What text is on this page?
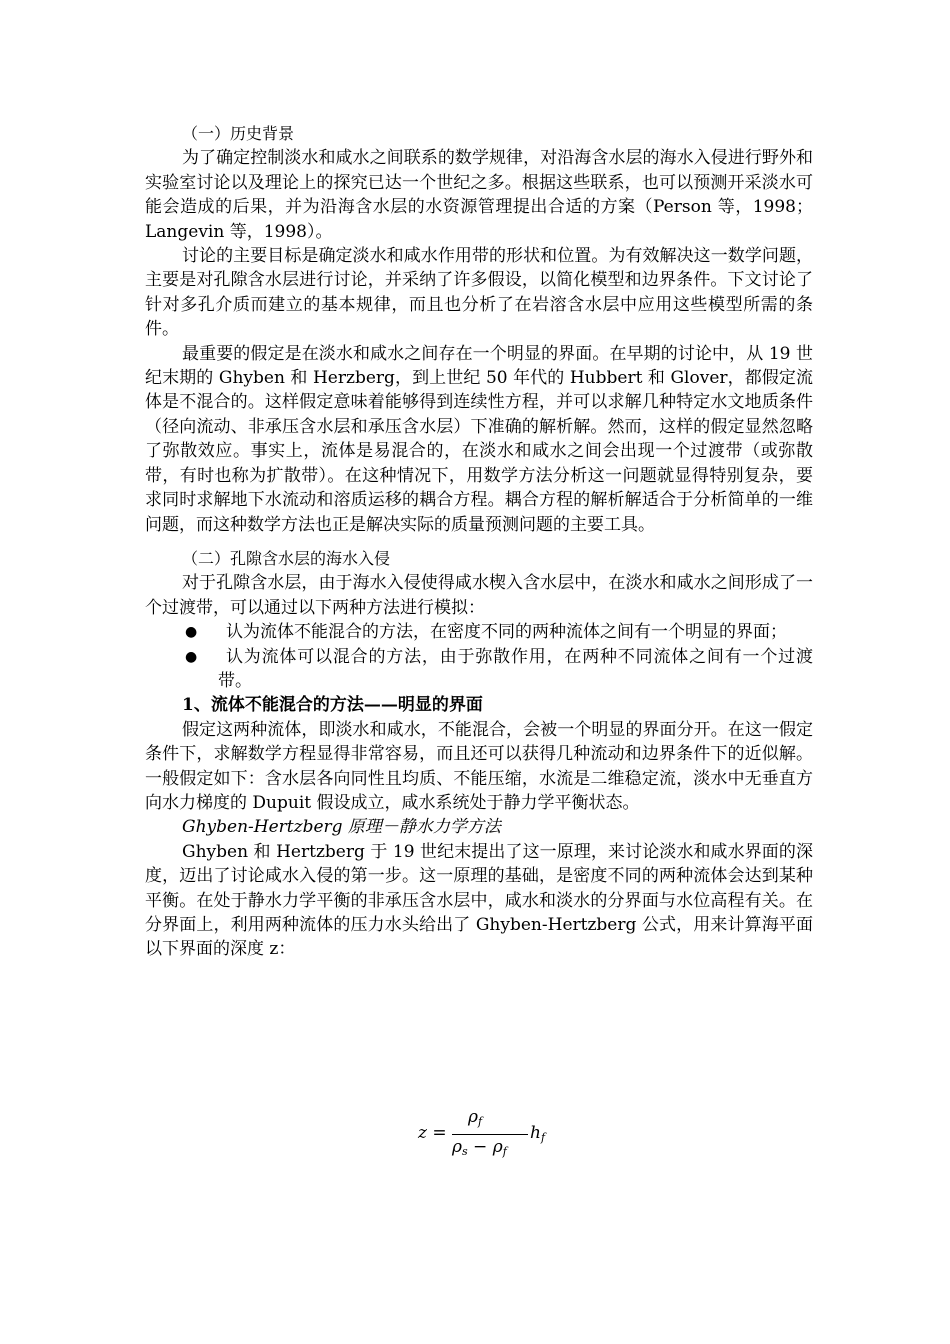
（一）历史背景

为了确定控制淡水和咸水之间联系的数学规律，对沿海含水层的海水入侵进行野外和实验室讨论以及理论上的探究已达一个世纪之多。根据这些联系，也可以预测开采淡水可能会造成的后果，并为沿海含水层的水资源管理提出合适的方案（Person 等，1998；Langevin 等，1998）。

讨论的主要目标是确定淡水和咸水作用带的形状和位置。为有效解决这一数学问题，主要是对孔隙含水层进行讨论，并采纳了许多假设，以简化模型和边界条件。下文讨论了针对多孔介质而建立的基本规律，而且也分析了在岩溶含水层中应用这些模型所需的条件。

最重要的假定是在淡水和咸水之间存在一个明显的界面。在早期的讨论中，从 19 世纪末期的 Ghyben 和 Herzberg，到上世纪 50 年代的 Hubbert 和 Glover，都假定流体是不混合的。这样假定意味着能够得到连续性方程，并可以求解几种特定水文地质条件（径向流动、非承压含水层和承压含水层）下准确的解析解。然而，这样的假定显然忽略了弥散效应。事实上，流体是易混合的，在淡水和咸水之间会出现一个过渡带（或弥散带，有时也称为扩散带）。在这种情况下，用数学方法分析这一问题就显得特别复杂，要求同时求解地下水流动和溶质运移的耦合方程。耦合方程的解析解适合于分析简单的一维问题，而这种数学方法也正是解决实际的质量预测问题的主要工具。

（二）孔隙含水层的海水入侵

对于孔隙含水层，由于海水入侵使得咸水楔入含水层中，在淡水和咸水之间形成了一个过渡带，可以通过以下两种方法进行模拟：

●	认为流体不能混合的方法，在密度不同的两种流体之间有一个明显的界面；
●	认为流体可以混合的方法，由于弥散作用，在两种不同流体之间有一个过渡带。

1、流体不能混合的方法——明显的界面

假定这两种流体，即淡水和咸水，不能混合，会被一个明显的界面分开。在这一假定条件下，求解数学方程显得非常容易，而且还可以获得几种流动和边界条件下的近似解。一般假定如下：含水层各向同性且均质、不能压缩，水流是二维稳定流，淡水中无垂直方向水力梯度的 Dupuit 假设成立，咸水系统处于静力学平衡状态。

Ghyben-Hertzberg 原理－静水力学方法

Ghyben 和 Hertzberg 于 19 世纪末提出了这一原理，来讨论淡水和咸水界面的深度，迈出了讨论咸水入侵的第一步。这一原理的基础，是密度不同的两种流体会达到某种平衡。在处于静水力学平衡的非承压含水层中，咸水和淡水的分界面与水位高程有关。在分界面上，利用两种流体的压力水头给出了 Ghyben-Hertzberg 公式，用来计算海平面以下界面的深度 z：

z =
$\rho_f$
$\rho_s - \rho_f$
$h_f$
